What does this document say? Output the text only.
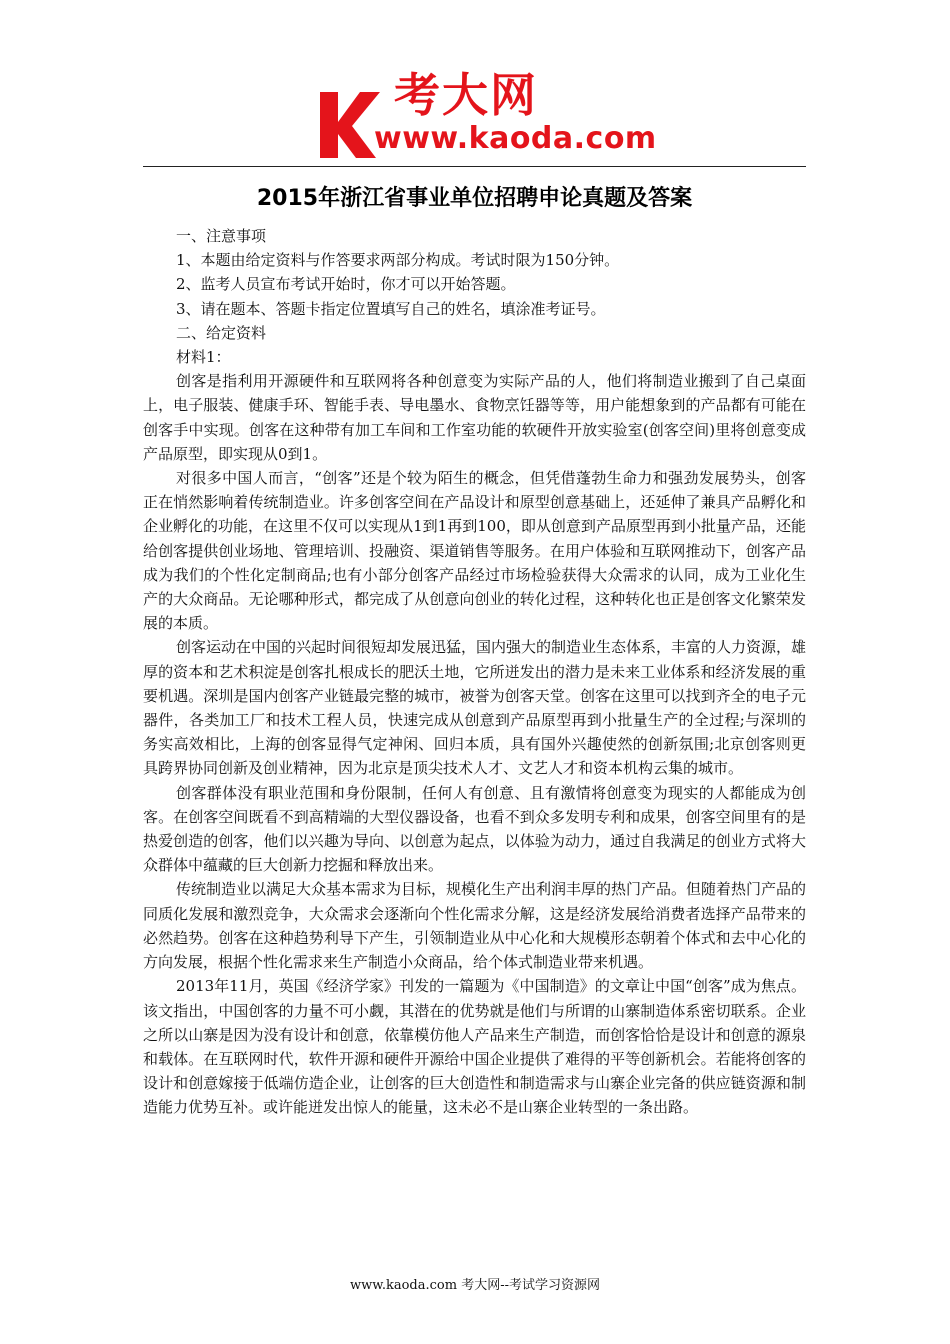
考大网
www.kaoda.com
2015年浙江省事业单位招聘申论真题及答案

一、注意事项

1、本题由给定资料与作答要求两部分构成。考试时限为150分钟。

2、监考人员宣布考试开始时，你才可以开始答题。

3、请在题本、答题卡指定位置填写自己的姓名，填涂准考证号。

二、给定资料

材料1：

创客是指利用开源硬件和互联网将各种创意变为实际产品的人，他们将制造业搬到了自己桌面上，电子服装、健康手环、智能手表、导电墨水、食物烹饪器等等，用户能想象到的产品都有可能在创客手中实现。创客在这种带有加工车间和工作室功能的软硬件开放实验室(创客空间)里将创意变成产品原型，即实现从0到1。

对很多中国人而言，“创客”还是个较为陌生的概念，但凭借蓬勃生命力和强劲发展势头，创客正在悄然影响着传统制造业。许多创客空间在产品设计和原型创意基础上，还延伸了兼具产品孵化和企业孵化的功能，在这里不仅可以实现从1到1再到100，即从创意到产品原型再到小批量产品，还能给创客提供创业场地、管理培训、投融资、渠道销售等服务。在用户体验和互联网推动下，创客产品成为我们的个性化定制商品;也有小部分创客产品经过市场检验获得大众需求的认同，成为工业化生产的大众商品。无论哪种形式，都完成了从创意向创业的转化过程，这种转化也正是创客文化繁荣发展的本质。

创客运动在中国的兴起时间很短却发展迅猛，国内强大的制造业生态体系，丰富的人力资源，雄厚的资本和艺术积淀是创客扎根成长的肥沃土地，它所迸发出的潜力是未来工业体系和经济发展的重要机遇。深圳是国内创客产业链最完整的城市，被誉为创客天堂。创客在这里可以找到齐全的电子元器件，各类加工厂和技术工程人员，快速完成从创意到产品原型再到小批量生产的全过程;与深圳的务实高效相比，上海的创客显得气定神闲、回归本质，具有国外兴趣使然的创新氛围;北京创客则更具跨界协同创新及创业精神，因为北京是顶尖技术人才、文艺人才和资本机构云集的城市。

创客群体没有职业范围和身份限制，任何人有创意、且有激情将创意变为现实的人都能成为创客。在创客空间既看不到高精端的大型仪器设备，也看不到众多发明专利和成果，创客空间里有的是热爱创造的创客，他们以兴趣为导向、以创意为起点，以体验为动力，通过自我满足的创业方式将大众群体中蕴藏的巨大创新力挖掘和释放出来。

传统制造业以满足大众基本需求为目标，规模化生产出利润丰厚的热门产品。但随着热门产品的同质化发展和激烈竞争，大众需求会逐渐向个性化需求分解，这是经济发展给消费者选择产品带来的必然趋势。创客在这种趋势利导下产生，引领制造业从中心化和大规模形态朝着个体式和去中心化的方向发展，根据个性化需求来生产制造小众商品，给个体式制造业带来机遇。

2013年11月，英国《经济学家》刊发的一篇题为《中国制造》的文章让中国“创客”成为焦点。该文指出，中国创客的力量不可小觑，其潜在的优势就是他们与所谓的山寨制造体系密切联系。企业之所以山寨是因为没有设计和创意，依靠模仿他人产品来生产制造，而创客恰恰是设计和创意的源泉和载体。在互联网时代，软件开源和硬件开源给中国企业提供了难得的平等创新机会。若能将创客的设计和创意嫁接于低端仿造企业，让创客的巨大创造性和制造需求与山寨企业完备的供应链资源和制造能力优势互补。或许能迸发出惊人的能量，这未必不是山寨企业转型的一条出路。

www.kaoda.com 考大网--考试学习资源网
